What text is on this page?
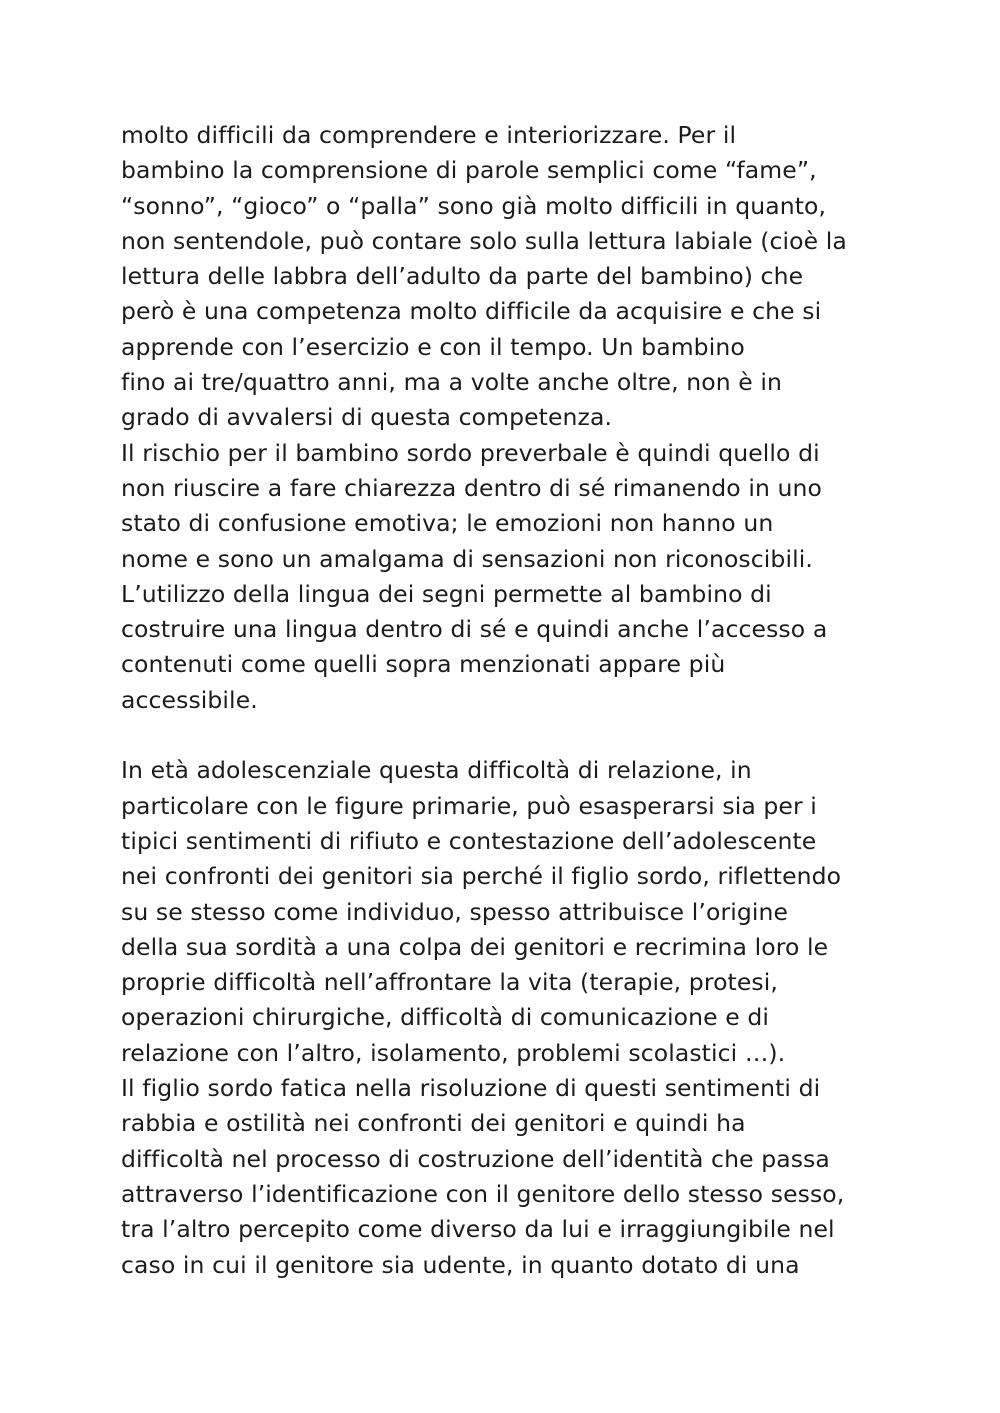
molto difficili da comprendere e interiorizzare. Per il
bambino la comprensione di parole semplici come “fame”,
“sonno”, “gioco” o “palla” sono già molto difficili in quanto,
non sentendole, può contare solo sulla lettura labiale (cioè la
lettura delle labbra dell’adulto da parte del bambino) che
però è una competenza molto difficile da acquisire e che si
apprende con l’esercizio e con il tempo. Un bambino
fino ai tre/quattro anni, ma a volte anche oltre, non è in
grado di avvalersi di questa competenza.
Il rischio per il bambino sordo preverbale è quindi quello di
non riuscire a fare chiarezza dentro di sé rimanendo in uno
stato di confusione emotiva; le emozioni non hanno un
nome e sono un amalgama di sensazioni non riconoscibili.
L’utilizzo della lingua dei segni permette al bambino di
costruire una lingua dentro di sé e quindi anche l’accesso a
contenuti come quelli sopra menzionati appare più
accessibile.
In età adolescenziale questa difficoltà di relazione, in
particolare con le figure primarie, può esasperarsi sia per i
tipici sentimenti di rifiuto e contestazione dell’adolescente
nei confronti dei genitori sia perché il figlio sordo, riflettendo
su se stesso come individuo, spesso attribuisce l’origine
della sua sordità a una colpa dei genitori e recrimina loro le
proprie difficoltà nell’affrontare la vita (terapie, protesi,
operazioni chirurgiche, difficoltà di comunicazione e di
relazione con l’altro, isolamento, problemi scolastici …).
Il figlio sordo fatica nella risoluzione di questi sentimenti di
rabbia e ostilità nei confronti dei genitori e quindi ha
difficoltà nel processo di costruzione dell’identità che passa
attraverso l’identificazione con il genitore dello stesso sesso,
tra l’altro percepito come diverso da lui e irraggiungibile nel
caso in cui il genitore sia udente, in quanto dotato di una
